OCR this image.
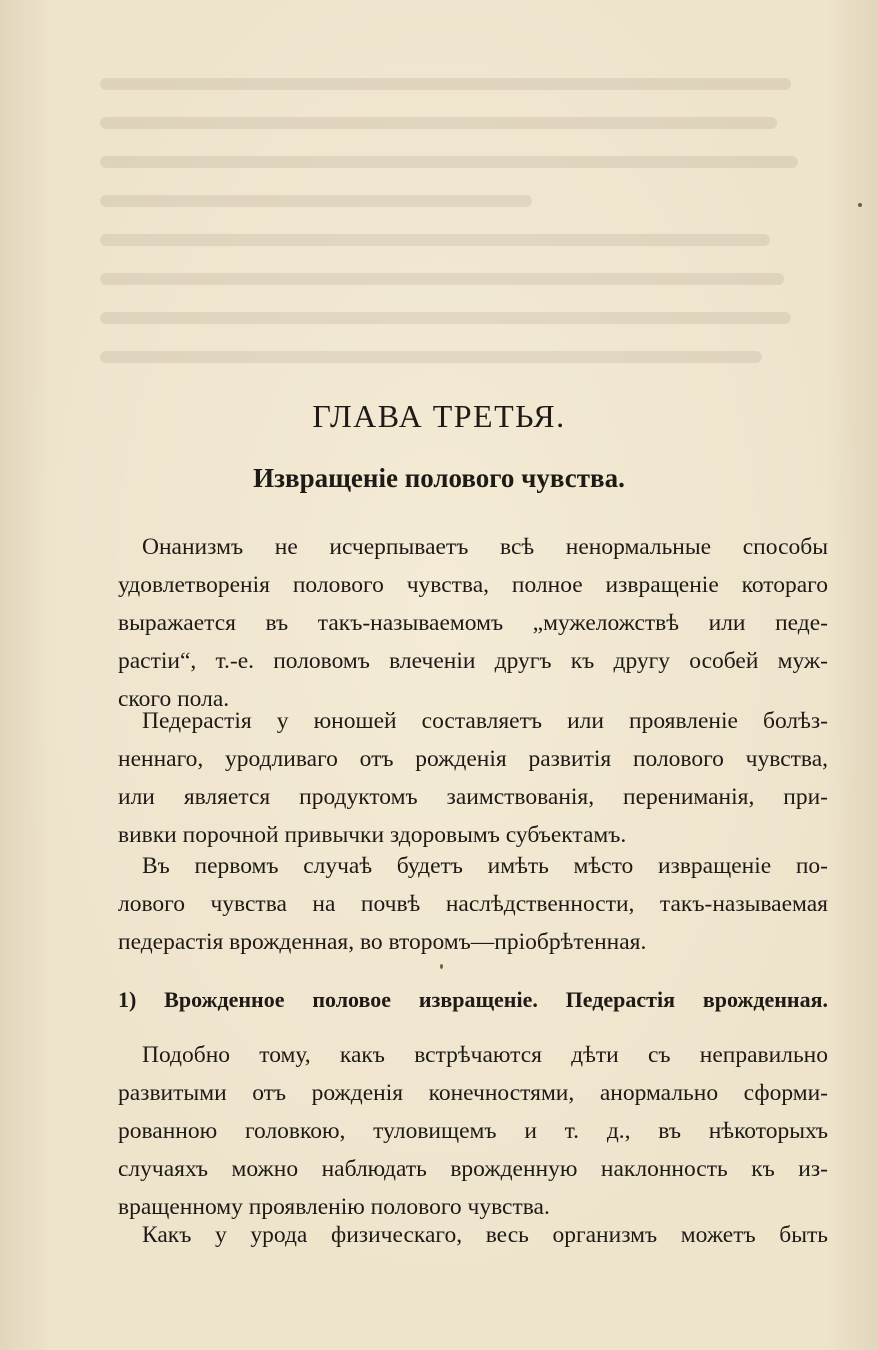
ГЛАВА ТРЕТЬЯ.
Извращенiе полового чувства.
Онанизмъ не исчерпываетъ всѣ ненормальные способы
удовлетворенiя полового чувства, полное извращенiе котораго
выражается въ такъ-называемомъ „мужеложствѣ или педе-
растiи“, т.-е. половомъ влеченiи другъ къ другу особей муж-
ского пола.
Педерастiя у юношей составляетъ или проявленiе болѣз-
неннаго, уродливаго отъ рожденiя развитiя полового чувства,
или является продуктомъ заимствованiя, перениманiя, при-
вивки порочной привычки здоровымъ субъектамъ.
Въ первомъ случаѣ будетъ имѣть мѣсто извращенiе по-
лового чувства на почвѣ наслѣдственности, такъ-называемая
педерастiя врожденная, во второмъ—прiобрѣтенная.
1) Врожденное половое извращенiе. Педерастiя врожденная.
Подобно тому, какъ встрѣчаются дѣти съ неправильно
развитыми отъ рожденiя конечностями, анормально сформи-
рованною головкою, туловищемъ и т. д., въ нѣкоторыхъ
случаяхъ можно наблюдать врожденную наклонность къ из-
вращенному проявленiю полового чувства.
Какъ у урода физическаго, весь организмъ можетъ быть
